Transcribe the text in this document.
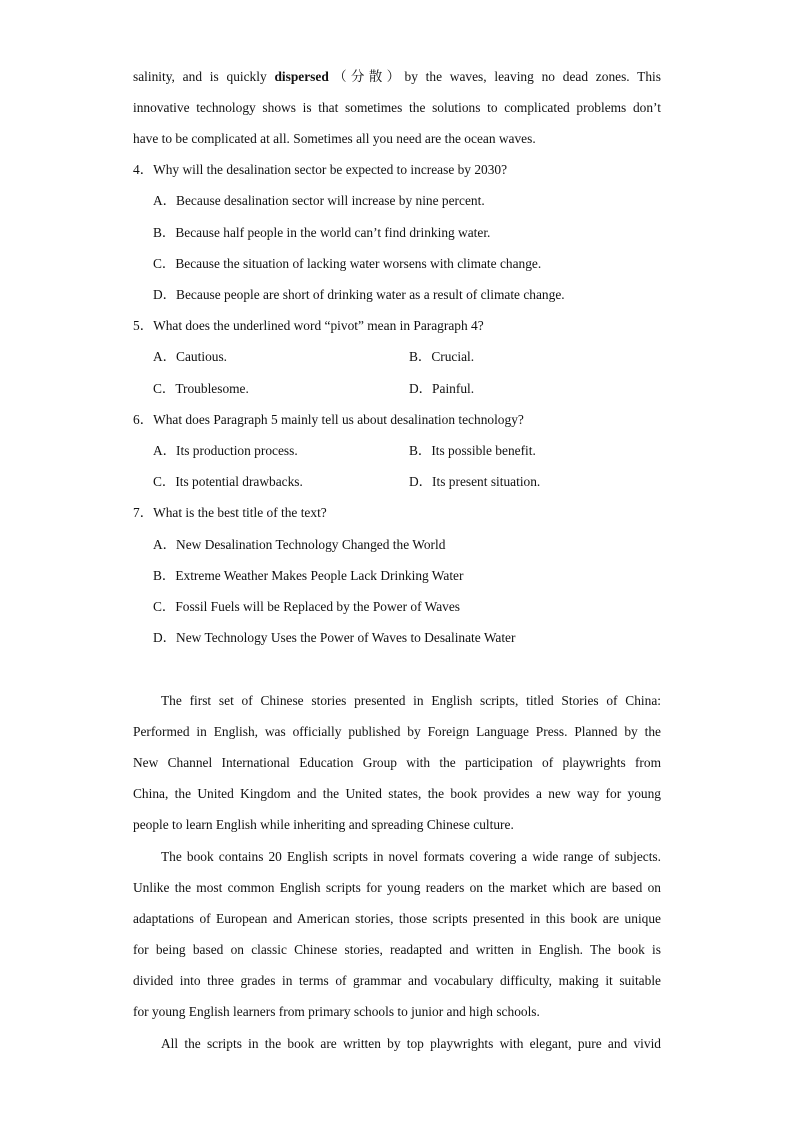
salinity, and is quickly dispersed（分散）by the waves, leaving no dead zones. This
innovative technology shows is that sometimes the solutions to complicated problems don’t
have to be complicated at all. Sometimes all you need are the ocean waves.
4．Why will the desalination sector be expected to increase by 2030?
A．Because desalination sector will increase by nine percent.
B．Because half people in the world can’t find drinking water.
C．Because the situation of lacking water worsens with climate change.
D．Because people are short of drinking water as a result of climate change.
5．What does the underlined word “pivot” mean in Paragraph 4?
A．Cautious.	B．Crucial.
C．Troublesome.	D．Painful.
6．What does Paragraph 5 mainly tell us about desalination technology?
A．Its production process.	B．Its possible benefit.
C．Its potential drawbacks.	D．Its present situation.
7．What is the best title of the text?
A．New Desalination Technology Changed the World
B．Extreme Weather Makes People Lack Drinking Water
C．Fossil Fuels will be Replaced by the Power of Waves
D．New Technology Uses the Power of Waves to Desalinate Water
The first set of Chinese stories presented in English scripts, titled Stories of China:
Performed in English, was officially published by Foreign Language Press. Planned by the
New Channel International Education Group with the participation of playwrights from
China, the United Kingdom and the United states, the book provides a new way for young
people to learn English while inheriting and spreading Chinese culture.
The book contains 20 English scripts in novel formats covering a wide range of subjects.
Unlike the most common English scripts for young readers on the market which are based on
adaptations of European and American stories, those scripts presented in this book are unique
for being based on classic Chinese stories, readapted and written in English. The book is
divided into three grades in terms of grammar and vocabulary difficulty, making it suitable
for young English learners from primary schools to junior and high schools.
All the scripts in the book are written by top playwrights with elegant, pure and vivid
